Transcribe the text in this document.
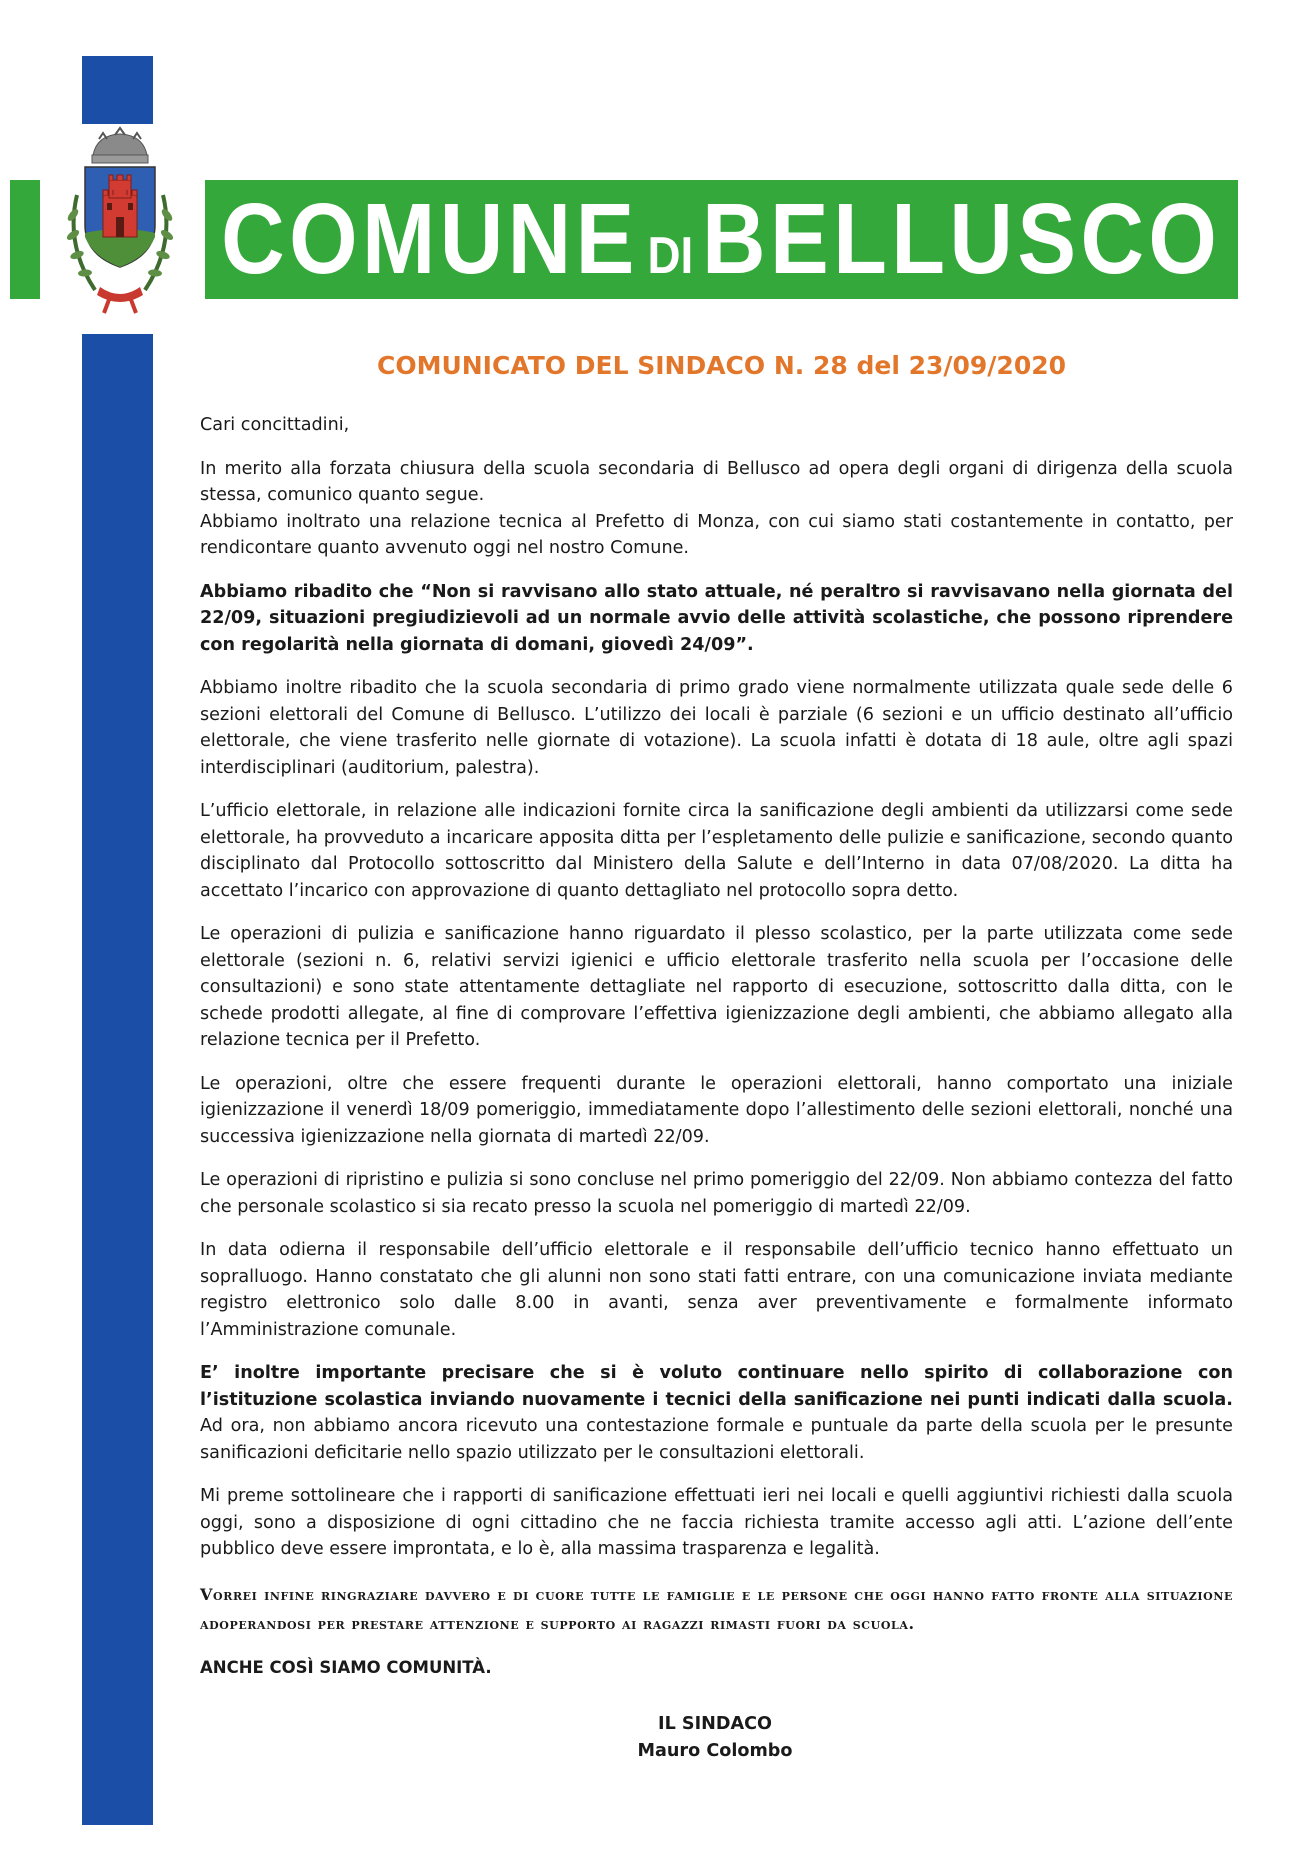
COMUNE DIBELLUSCO
COMUNICATO DEL SINDACO N. 28 del 23/09/2020

Cari concittadini,

In merito alla forzata chiusura della scuola secondaria di Bellusco ad opera degli organi di dirigenza della scuola stessa, comunico quanto segue.

Abbiamo inoltrato una relazione tecnica al Prefetto di Monza, con cui siamo stati costantemente in contatto, per rendicontare quanto avvenuto oggi nel nostro Comune.

Abbiamo ribadito che “Non si ravvisano allo stato attuale, né peraltro si ravvisavano nella giornata del 22/09, situazioni pregiudizievoli ad un normale avvio delle attività scolastiche, che possono riprendere con regolarità nella giornata di domani, giovedì 24/09”.

Abbiamo inoltre ribadito che la scuola secondaria di primo grado viene normalmente utilizzata quale sede delle 6 sezioni elettorali del Comune di Bellusco. L’utilizzo dei locali è parziale (6 sezioni e un ufficio destinato all’ufficio elettorale, che viene trasferito nelle giornate di votazione). La scuola infatti è dotata di 18 aule, oltre agli spazi interdisciplinari (auditorium, palestra).

L’ufficio elettorale, in relazione alle indicazioni fornite circa la sanificazione degli ambienti da utilizzarsi come sede elettorale, ha provveduto a incaricare apposita ditta per l’espletamento delle pulizie e sanificazione, secondo quanto disciplinato dal Protocollo sottoscritto dal Ministero della Salute e dell’Interno in data 07/08/2020. La ditta ha accettato l’incarico con approvazione di quanto dettagliato nel protocollo sopra detto.

Le operazioni di pulizia e sanificazione hanno riguardato il plesso scolastico, per la parte utilizzata come sede elettorale (sezioni n. 6, relativi servizi igienici e ufficio elettorale trasferito nella scuola per l’occasione delle consultazioni) e sono state attentamente dettagliate nel rapporto di esecuzione, sottoscritto dalla ditta, con le schede prodotti allegate, al fine di comprovare l’effettiva igienizzazione degli ambienti, che abbiamo allegato alla relazione tecnica per il Prefetto.

Le operazioni, oltre che essere frequenti durante le operazioni elettorali, hanno comportato una iniziale igienizzazione il venerdì 18/09 pomeriggio, immediatamente dopo l’allestimento delle sezioni elettorali, nonché una successiva igienizzazione nella giornata di martedì 22/09.

Le operazioni di ripristino e pulizia si sono concluse nel primo pomeriggio del 22/09. Non abbiamo contezza del fatto che personale scolastico si sia recato presso la scuola nel pomeriggio di martedì 22/09.

In data odierna il responsabile dell’ufficio elettorale e il responsabile dell’ufficio tecnico hanno effettuato un sopralluogo. Hanno constatato che gli alunni non sono stati fatti entrare, con una comunicazione inviata mediante registro elettronico solo dalle 8.00 in avanti, senza aver preventivamente e formalmente informato l’Amministrazione comunale.

E’ inoltre importante precisare che si è voluto continuare nello spirito di collaborazione con l’istituzione scolastica inviando nuovamente i tecnici della sanificazione nei punti indicati dalla scuola. Ad ora, non abbiamo ancora ricevuto una contestazione formale e puntuale da parte della scuola per le presunte sanificazioni deficitarie nello spazio utilizzato per le consultazioni elettorali.

Mi preme sottolineare che i rapporti di sanificazione effettuati ieri nei locali e quelli aggiuntivi richiesti dalla scuola oggi, sono a disposizione di ogni cittadino che ne faccia richiesta tramite accesso agli atti. L’azione dell’ente pubblico deve essere improntata, e lo è, alla massima trasparenza e legalità.

Vorrei infine ringraziare davvero e di cuore tutte le famiglie e le persone che oggi hanno fatto fronte alla situazione adoperandosi per prestare attenzione e supporto ai ragazzi rimasti fuori da scuola.

ANCHE COSÌ SIAMO COMUNITÀ.

IL SINDACO
Mauro Colombo
